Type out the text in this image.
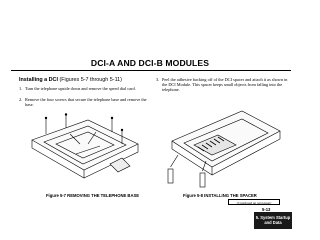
DCI-A AND DCI-B MODULES
Installing a DCI (Figures 5-7 through 5-11)
1. Turn the telephone upside down and remove the speed dial card.
2. Remove the four screws that secure the telephone base and remove the base.
3. Peel the adhesive backing off of the DCI spacer and attach it as shown in the DCI Module. This spacer keeps small objects from falling into the telephone.
Figure 5-7 REMOVING THE TELEPHONE BASE	Figure 5-8 INSTALLING THE SPACER
(Continued on next page)
5-13
5. System Startup
and Data
